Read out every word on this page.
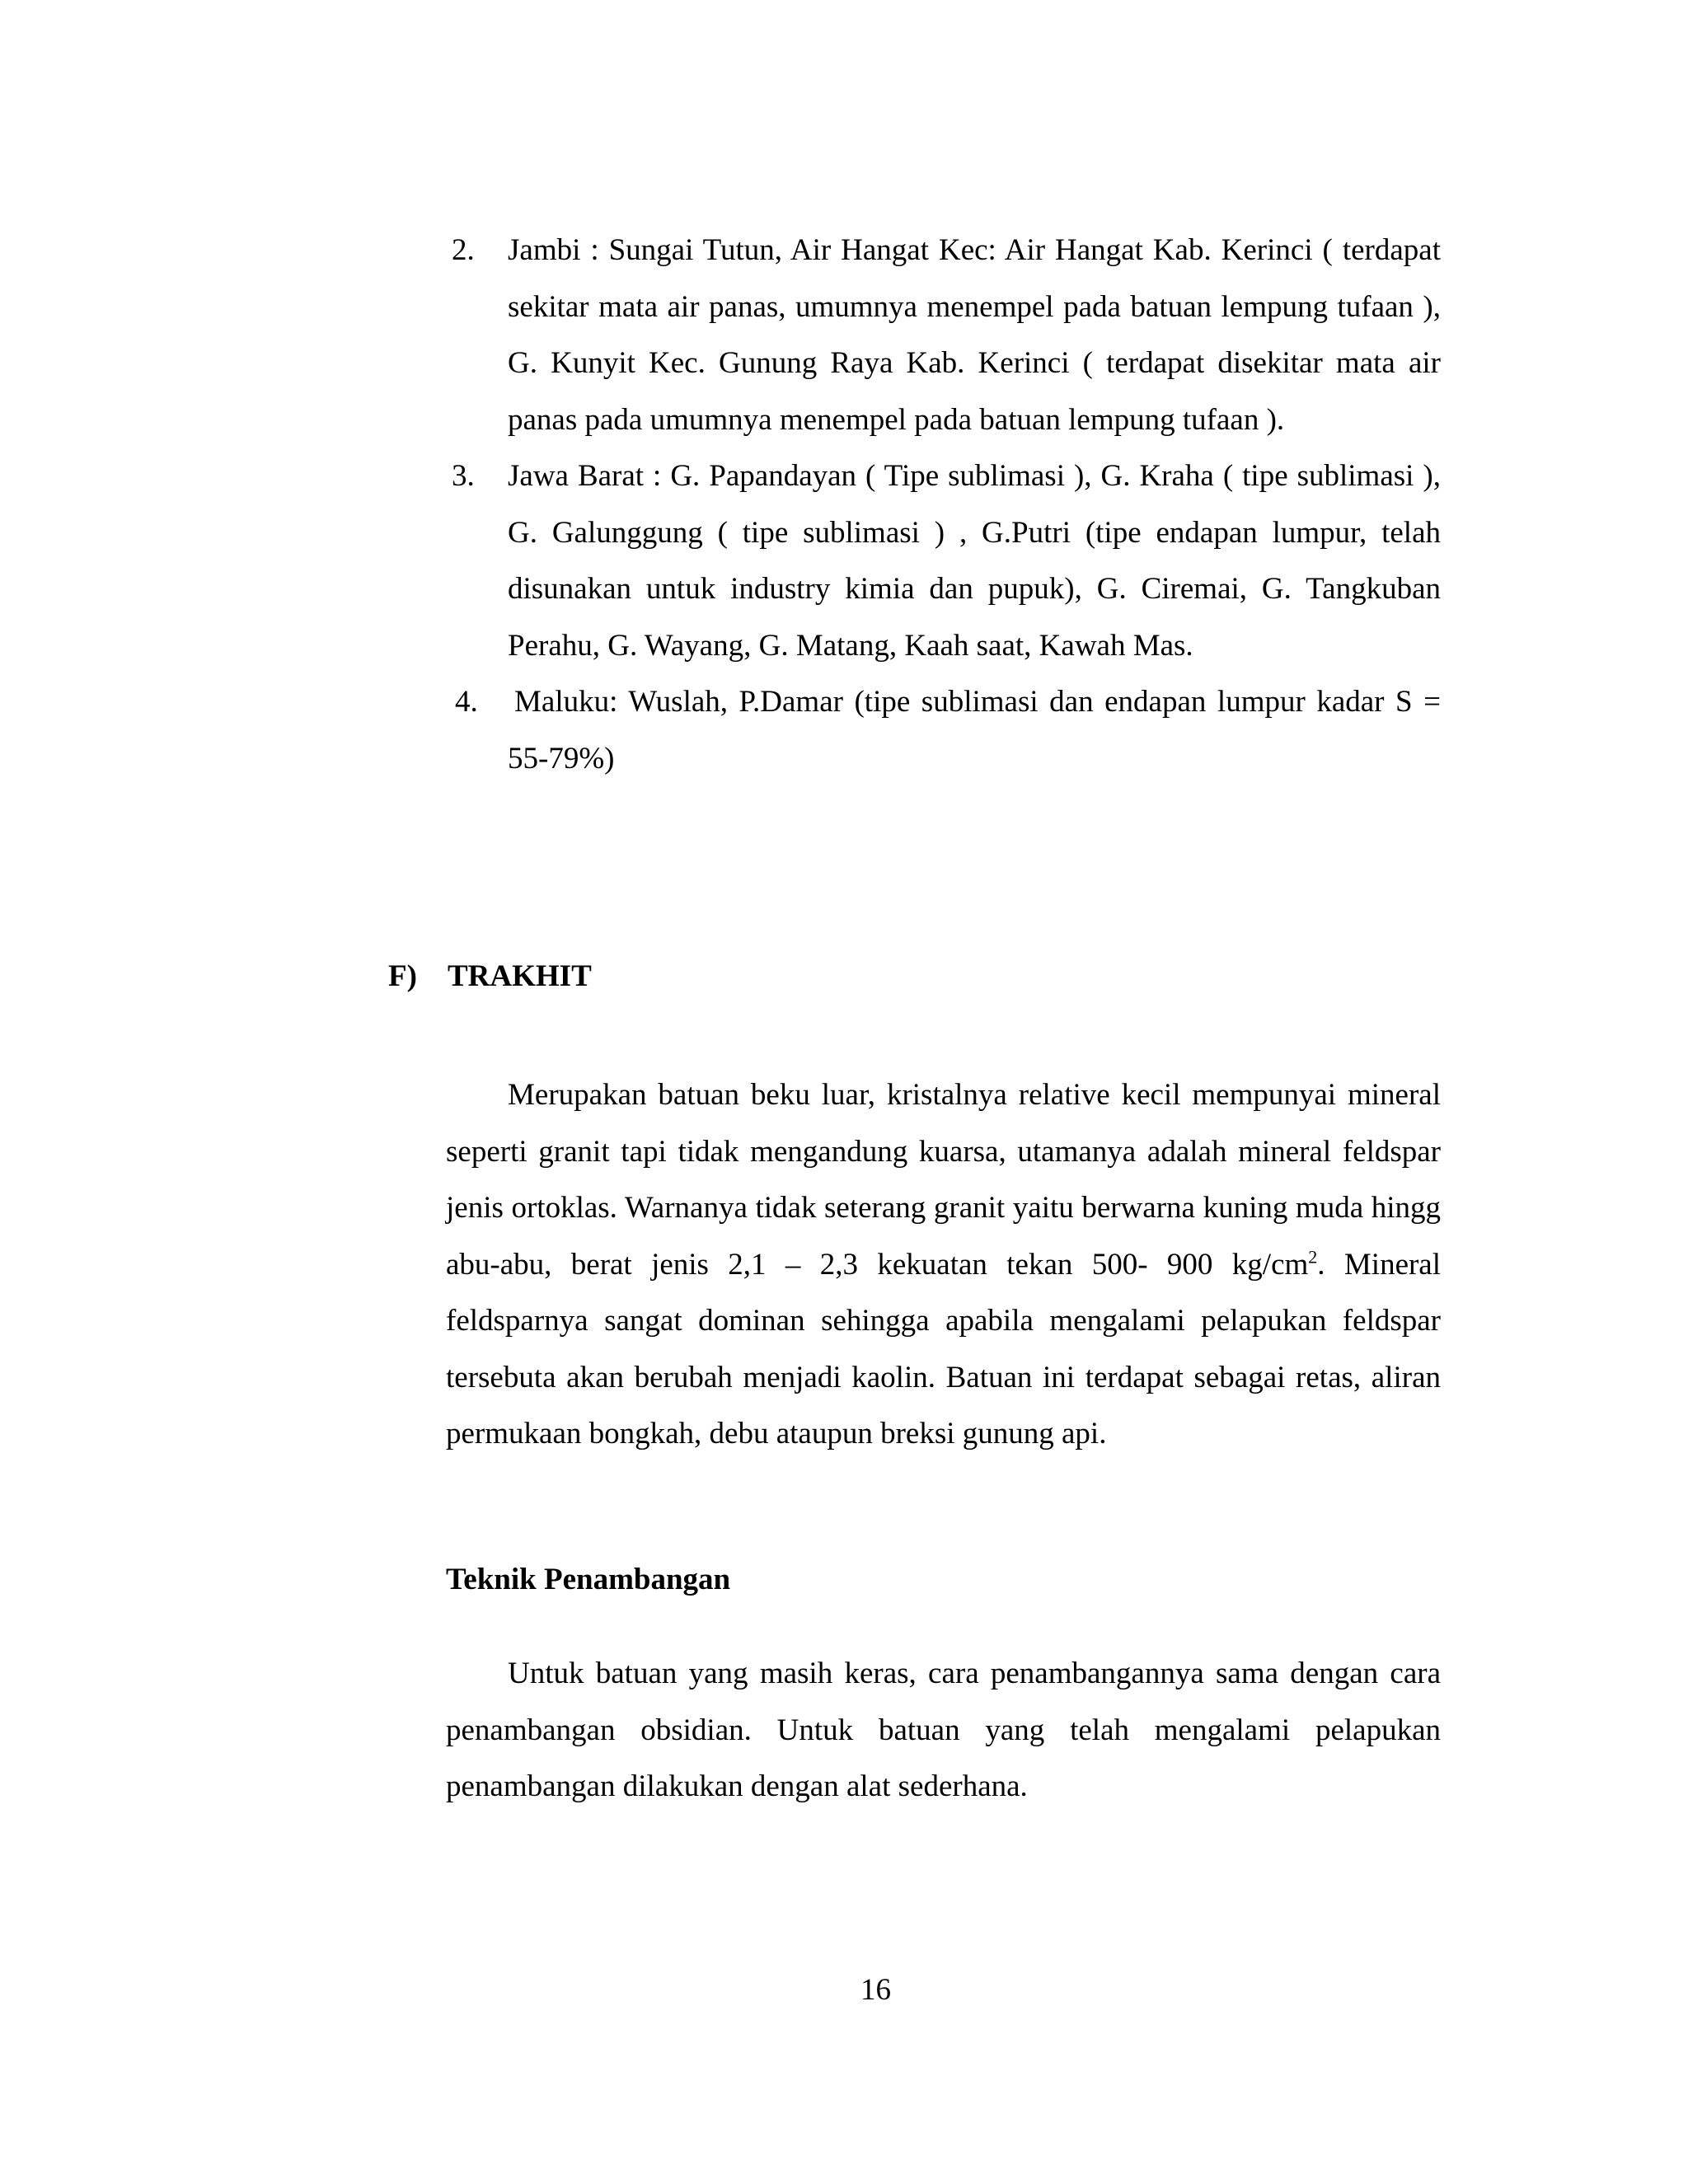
2. Jambi : Sungai Tutun, Air Hangat Kec: Air Hangat Kab. Kerinci ( terdapat sekitar mata air panas, umumnya menempel pada batuan lempung tufaan ), G. Kunyit Kec. Gunung Raya Kab. Kerinci ( terdapat disekitar mata air panas pada umumnya menempel pada batuan lempung tufaan ).
3. Jawa Barat : G. Papandayan ( Tipe sublimasi ), G. Kraha ( tipe sublimasi ), G. Galunggung ( tipe sublimasi ) , G.Putri (tipe endapan lumpur, telah disunakan untuk industry kimia dan pupuk), G. Ciremai, G. Tangkuban Perahu, G. Wayang, G. Matang, Kaah saat, Kawah Mas.
4. Maluku: Wuslah, P.Damar (tipe sublimasi dan endapan lumpur kadar S = 55-79%)
F) TRAKHIT

Merupakan batuan beku luar, kristalnya relative kecil mempunyai mineral seperti granit tapi tidak mengandung kuarsa, utamanya adalah mineral feldspar jenis ortoklas. Warnanya tidak seterang granit yaitu berwarna kuning muda hingg abu-abu, berat jenis 2,1 – 2,3 kekuatan tekan 500- 900 $kg/cm^2$. Mineral feldsparnya sangat dominan sehingga apabila mengalami pelapukan feldspar tersebuta akan berubah menjadi kaolin. Batuan ini terdapat sebagai retas, aliran permukaan bongkah, debu ataupun breksi gunung api.

Teknik Penambangan

Untuk batuan yang masih keras, cara penambangannya sama dengan cara penambangan obsidian. Untuk batuan yang telah mengalami pelapukan penambangan dilakukan dengan alat sederhana.

16
